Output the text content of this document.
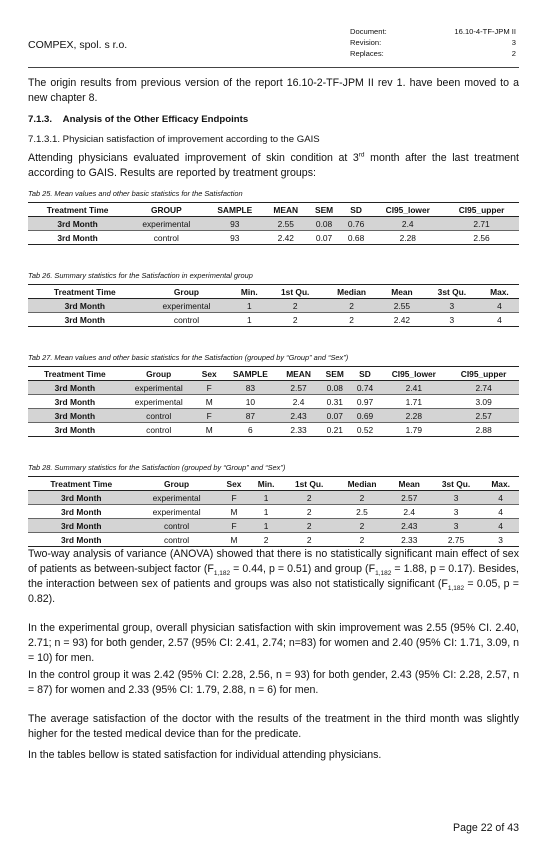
COMPEX, spol. s r.o.
Document:	16.10-4-TF-JPM II
Revision:	3
Replaces:	2

The origin results from previous version of the report 16.10-2-TF-JPM II rev 1. have been moved to a new chapter 8.

7.1.3.    Analysis of the Other Efficacy Endpoints
7.1.3.1. Physician satisfaction of improvement according to the GAIS

Attending physicians evaluated improvement of skin condition at 3rd month after the last treatment according to GAIS. Results are reported by treatment groups:

Tab 25. Mean values and other basic statistics for the Satisfaction
Treatment Time	GROUP	SAMPLE	MEAN	SEM	SD	CI95_lower	CI95_upper
3rd Month	experimental	93	2.55	0.08	0.76	2.4	2.71
3rd Month	control	93	2.42	0.07	0.68	2.28	2.56
Tab 26. Summary statistics for the Satisfaction in experimental group
Treatment Time	Group	Min.	1st Qu.	Median	Mean	3st Qu.	Max.
3rd Month	experimental	1	2	2	2.55	3	4
3rd Month	control	1	2	2	2.42	3	4
Tab 27. Mean values and other basic statistics for the Satisfaction (grouped by “Group” and “Sex”)
Treatment Time	Group	Sex	SAMPLE	MEAN	SEM	SD	CI95_lower	CI95_upper
3rd Month	experimental	F	83	2.57	0.08	0.74	2.41	2.74
3rd Month	experimental	M	10	2.4	0.31	0.97	1.71	3.09
3rd Month	control	F	87	2.43	0.07	0.69	2.28	2.57
3rd Month	control	M	6	2.33	0.21	0.52	1.79	2.88
Tab 28. Summary statistics for the Satisfaction (grouped by “Group” and “Sex”)
Treatment Time	Group	Sex	Min.	1st Qu.	Median	Mean	3st Qu.	Max.
3rd Month	experimental	F	1	2	2	2.57	3	4
3rd Month	experimental	M	1	2	2.5	2.4	3	4
3rd Month	control	F	1	2	2	2.43	3	4
3rd Month	control	M	2	2	2	2.33	2.75	3

Two-way analysis of variance (ANOVA) showed that there is no statistically significant main effect of sex of patients as between-subject factor ($F_{1,182} = 0.44$, p = 0.51) and group ($F_{1,182} = 1.88$, p = 0.17). Besides, the interaction between sex of patients and groups was also not statistically significant ($F_{1,182} = 0.05$, p = 0.82).

In the experimental group, overall physician satisfaction with skin improvement was 2.55 (95% CI. 2.40, 2.71; n = 93) for both gender, 2.57 (95% CI: 2.41, 2.74; n=83) for women and 2.40 (95% CI: 1.71, 3.09, n = 10) for men.

In the control group it was 2.42 (95% CI: 2.28, 2.56, n = 93) for both gender, 2.43 (95% CI: 2.28, 2.57, n = 87) for women and 2.33 (95% CI: 1.79, 2.88, n = 6) for men.

The average satisfaction of the doctor with the results of the treatment in the third month was slightly higher for the tested medical device than for the predicate.

In the tables bellow is stated satisfaction for individual attending physicians.

Page 22 of 43
